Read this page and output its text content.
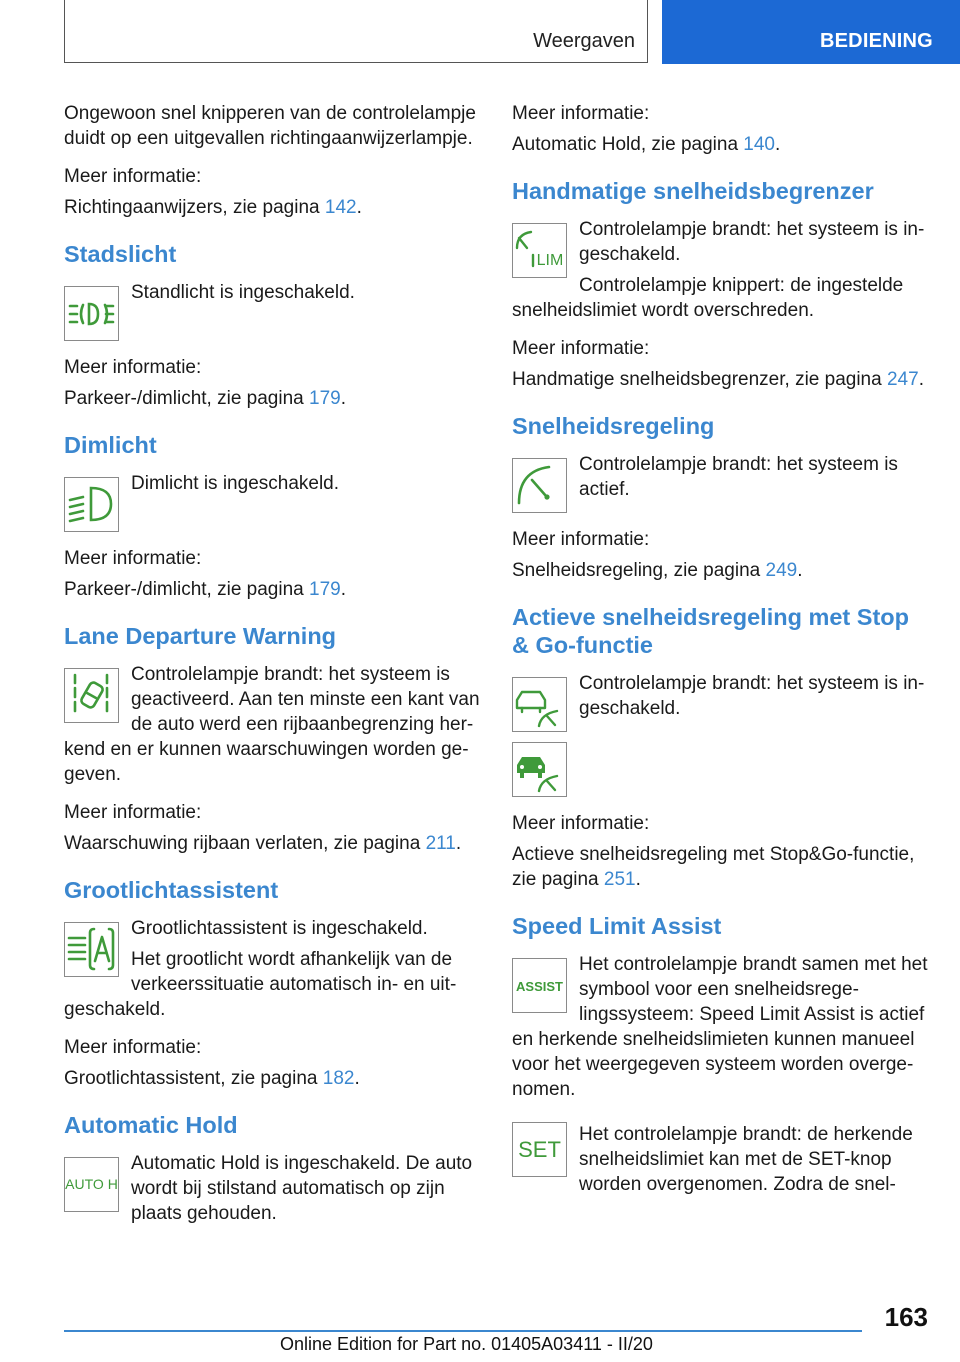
Weergaven	BEDIENING

Ongewoon snel knipperen van de controlelampje duidt op een uitgevallen richtingaanwijzerlampje.

Meer informatie:

Richtingaanwijzers, zie pagina 142.

Stadslicht

Standlicht is ingeschakeld.

Meer informatie:

Parkeer-/dimlicht, zie pagina 179.

Dimlicht

Dimlicht is ingeschakeld.

Meer informatie:

Parkeer-/dimlicht, zie pagina 179.

Lane Departure Warning

Controlelampje brandt: het systeem is geactiveerd. Aan ten minste een kant van de auto werd een rijbaanbegrenzing herkend en er kunnen waarschuwingen worden gegeven.

Meer informatie:

Waarschuwing rijbaan verlaten, zie pagina 211.

Grootlichtassistent

Grootlichtassistent is ingeschakeld.

Het grootlicht wordt afhankelijk van de verkeerssituatie automatisch in- en uitgeschakeld.

Meer informatie:

Grootlichtassistent, zie pagina 182.

Automatic Hold
AUTO H

Automatic Hold is ingeschakeld. De auto wordt bij stilstand automatisch op zijn plaats gehouden.

Meer informatie:

Automatic Hold, zie pagina 140.

Handmatige snelheidsbegrenzer
LIM

Controlelampje brandt: het systeem is ingeschakeld.

Controlelampje knippert: de ingestelde snelheidslimiet wordt overschreden.

Meer informatie:

Handmatige snelheidsbegrenzer, zie pagina 247.

Snelheidsregeling

Controlelampje brandt: het systeem is actief.

Meer informatie:

Snelheidsregeling, zie pagina 249.

Actieve snelheidsregeling met Stop & Go-functie

Controlelampje brandt: het systeem is ingeschakeld.

Meer informatie:

Actieve snelheidsregeling met Stop&Go-functie, zie pagina 251.

Speed Limit Assist
ASSIST

Het controlelampje brandt samen met het symbool voor een snelheidsregelingssysteem: Speed Limit Assist is actief en herkende snelheidslimieten kunnen manueel voor het weergegeven systeem worden overgenomen.

SET

Het controlelampje brandt: de herkende snelheidslimiet kan met de SET-knop worden overgenomen. Zodra de snel-

163
Online Edition for Part no. 01405A03411 - II/20
